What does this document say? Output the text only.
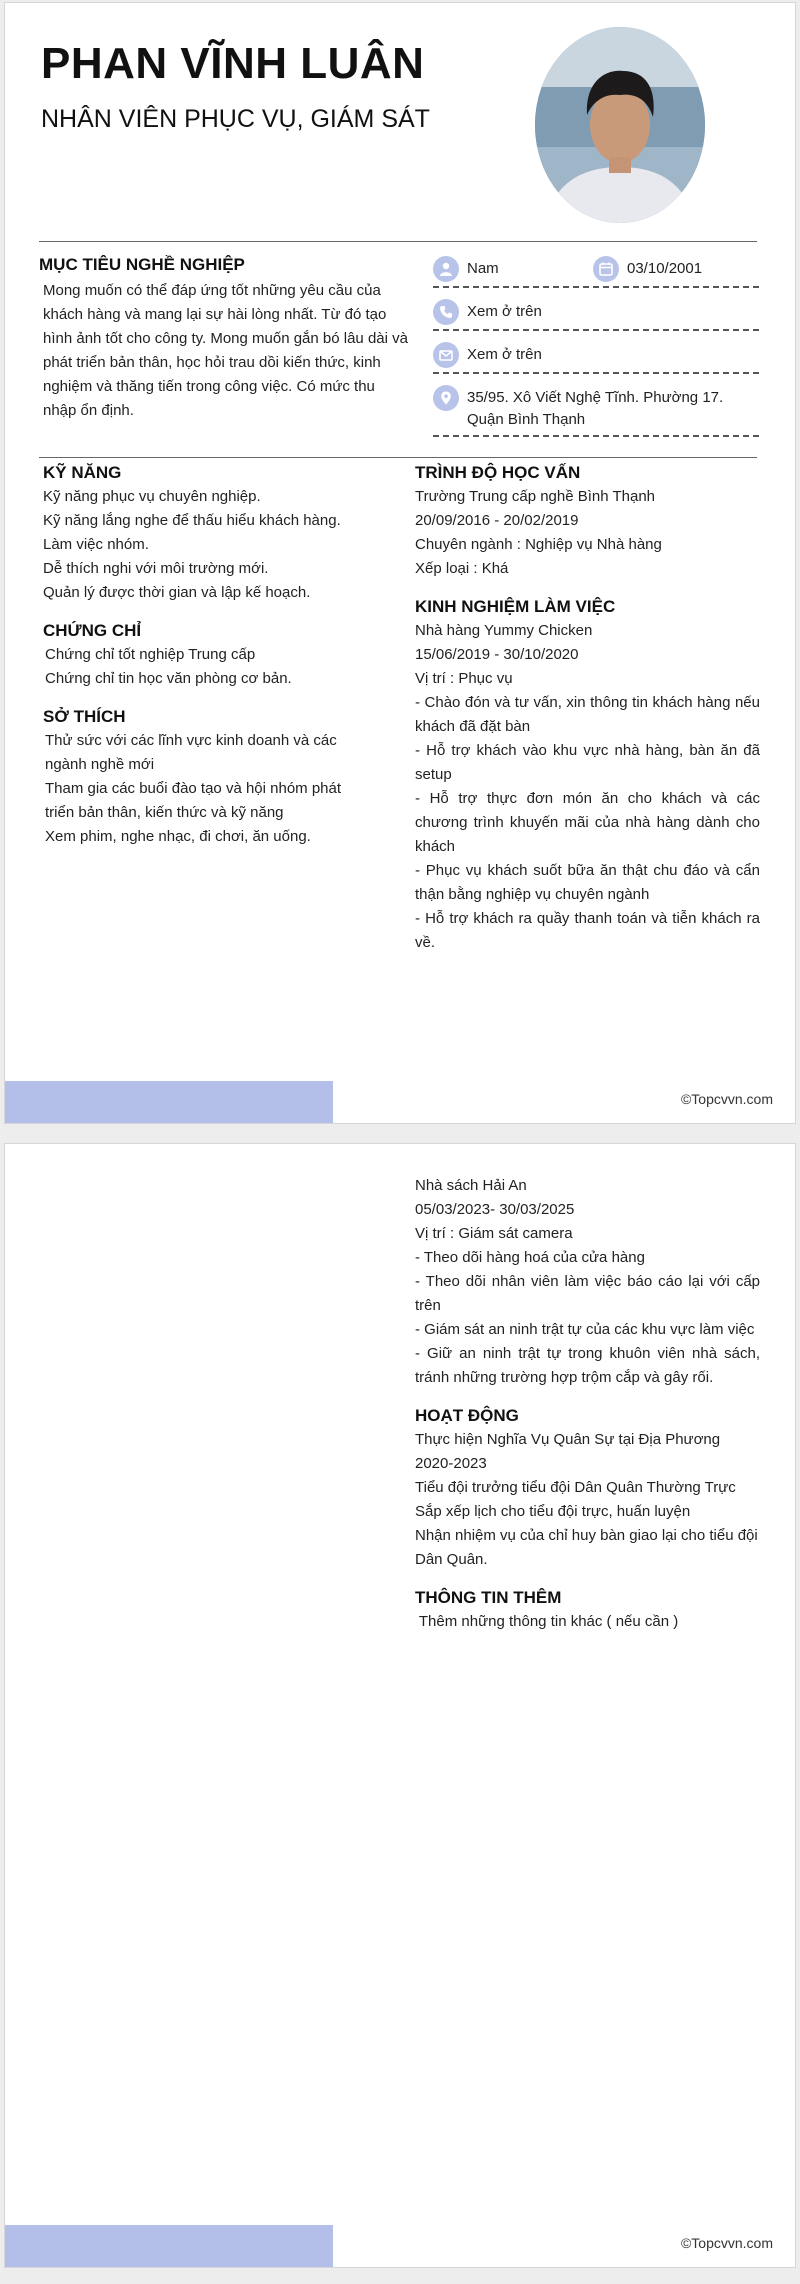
PHAN VĨNH LUÂN
NHÂN VIÊN PHỤC VỤ, GIÁM SÁT
MỤC TIÊU NGHỀ NGHIỆP
Mong muốn có thể đáp ứng tốt những yêu cầu của khách hàng và mang lại sự hài lòng nhất. Từ đó tạo hình ảnh tốt cho công ty. Mong muốn gắn bó lâu dài và phát triển bản thân, học hỏi trau dồi kiến thức, kinh nghiệm và thăng tiến trong công việc. Có mức thu nhập ổn định.
Nam	03/10/2001
Xem ở trên
Xem ở trên
35/95. Xô Viết Nghệ Tĩnh. Phường 17. Quận Bình Thạnh
KỸ NĂNG
Kỹ năng phục vụ chuyên nghiệp.
Kỹ năng lắng nghe để thấu hiểu khách hàng.
Làm việc nhóm.
Dễ thích nghi với môi trường mới.
Quản lý được thời gian và lập kế hoạch.
CHỨNG CHỈ
Chứng chỉ tốt nghiệp Trung cấp
Chứng chỉ tin học văn phòng cơ bản.
SỞ THÍCH
Thử sức với các lĩnh vực kinh doanh và các ngành nghề mới
Tham gia các buổi đào tạo và hội nhóm phát triển bản thân, kiến thức và kỹ năng
Xem phim, nghe nhạc, đi chơi, ăn uống.
TRÌNH ĐỘ HỌC VẤN
Trường Trung cấp nghề Bình Thạnh
20/09/2016 - 20/02/2019
Chuyên ngành : Nghiệp vụ Nhà hàng
Xếp loại : Khá
KINH NGHIỆM LÀM VIỆC
Nhà hàng Yummy Chicken
15/06/2019 - 30/10/2020
Vị trí : Phục vụ
- Chào đón và tư vấn, xin thông tin khách hàng nếu khách đã đặt bàn
- Hỗ trợ khách vào khu vực nhà hàng, bàn ăn đã setup
- Hỗ trợ thực đơn món ăn cho khách và các chương trình khuyến mãi của nhà hàng dành cho khách
- Phục vụ khách suốt bữa ăn thật chu đáo và cẩn thận bằng nghiệp vụ chuyên ngành
- Hỗ trợ khách ra quầy thanh toán và tiễn khách ra về.
©Topcvvn.com
Nhà sách Hải An
05/03/2023- 30/03/2025
Vị trí : Giám sát camera
- Theo dõi hàng hoá của cửa hàng
- Theo dõi nhân viên làm việc báo cáo lại với cấp trên
- Giám sát an ninh trật tự của các khu vực làm việc
- Giữ an ninh trật tự trong khuôn viên nhà sách, tránh những trường hợp trộm cắp và gây rối.
HOẠT ĐỘNG
Thực hiện Nghĩa Vụ Quân Sự tại Địa Phương
2020-2023
Tiểu đội trưởng tiểu đội Dân Quân Thường Trực
Sắp xếp lịch cho tiểu đội trực, huấn luyện
Nhận nhiệm vụ của chỉ huy bàn giao lại cho tiểu đội Dân Quân.
THÔNG TIN THÊM
Thêm những thông tin khác ( nếu cần )
©Topcvvn.com
